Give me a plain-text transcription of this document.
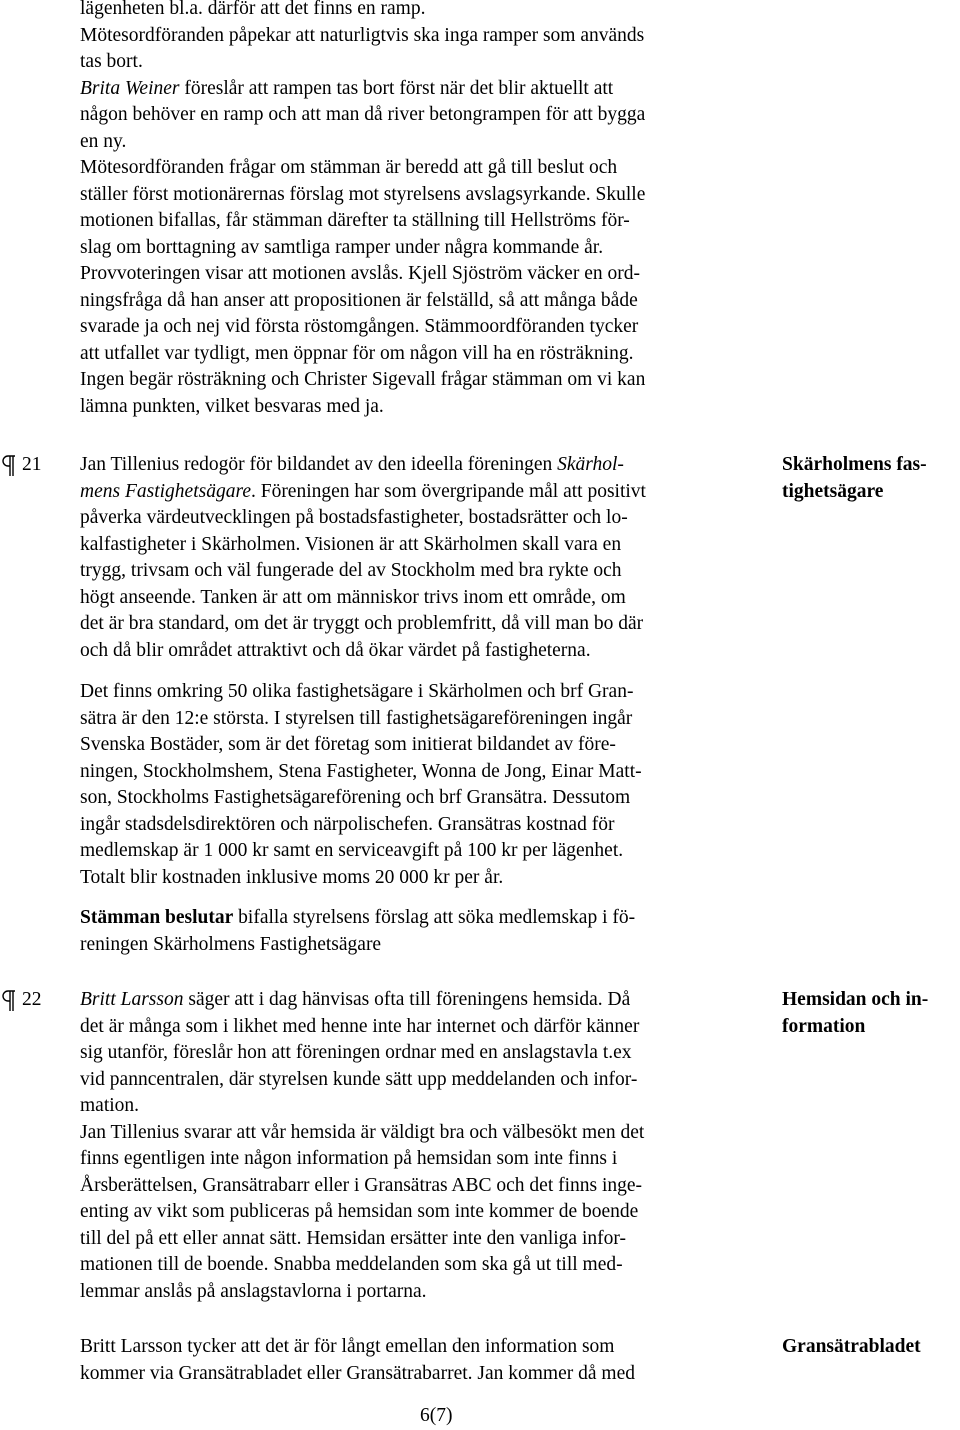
lägenheten bl.a. därför att det finns en ramp.

Mötesordföranden påpekar att naturligtvis ska inga ramper som används

tas bort.

Brita Weiner föreslår att rampen tas bort först när det blir aktuellt att

någon behöver en ramp och att man då river betongrampen för att bygga

en ny.

Mötesordföranden frågar om stämman är beredd att gå till beslut och

ställer först motionärernas förslag mot styrelsens avslagsyrkande. Skulle

motionen bifallas, får stämman därefter ta ställning till Hellströms för-

slag om borttagning av samtliga ramper under några kommande år.

Provvoteringen visar att motionen avslås. Kjell Sjöström väcker en ord-

ningsfråga då han anser att propositionen är felställd, så att många både

svarade ja och nej vid första röstomgången. Stämmoordföranden tycker

att utfallet var tydligt, men öppnar för om någon vill ha en rösträkning.

Ingen begär rösträkning och Christer Sigevall frågar stämman om vi kan

lämna punkten, vilket besvaras med ja.

21	Skärholmens fas-
tighetsägare

Jan Tillenius redogör för bildandet av den ideella föreningen Skärhol-

mens Fastighetsägare. Föreningen har som övergripande mål att positivt

påverka värdeutvecklingen på bostadsfastigheter, bostadsrätter och lo-

kalfastigheter i Skärholmen. Visionen är att Skärholmen skall vara en

trygg, trivsam och väl fungerade del av Stockholm med bra rykte och

högt anseende. Tanken är att om människor trivs inom ett område, om

det är bra standard, om det är tryggt och problemfritt, då vill man bo där

och då blir området attraktivt och då ökar värdet på fastigheterna.

Det finns omkring 50 olika fastighetsägare i Skärholmen och brf Gran-

sätra är den 12:e största. I styrelsen till fastighetsägareföreningen ingår

Svenska Bostäder, som är det företag som initierat bildandet av före-

ningen, Stockholmshem, Stena Fastigheter, Wonna de Jong, Einar Matt-

son, Stockholms Fastighetsägareförening och brf Gransätra. Dessutom

ingår stadsdelsdirektören och närpolischefen. Gransätras kostnad för

medlemskap är 1 000 kr samt en serviceavgift på 100 kr per lägenhet.

Totalt blir kostnaden inklusive moms 20 000 kr per år.

Stämman beslutar bifalla styrelsens förslag att söka medlemskap i fö-

reningen Skärholmens Fastighetsägare

22	Hemsidan och in-
formation

Britt Larsson säger att i dag hänvisas ofta till föreningens hemsida. Då

det är många som i likhet med henne inte har internet och därför känner

sig utanför, föreslår hon att föreningen ordnar med en anslagstavla t.ex

vid panncentralen, där styrelsen kunde sätt upp meddelanden och infor-

mation.

Jan Tillenius svarar att vår hemsida är väldigt bra och välbesökt men det

finns egentligen inte någon information på hemsidan som inte finns i

Årsberättelsen, Gransätrabarr eller i Gransätras ABC och det finns inge-

enting av vikt som publiceras på hemsidan som inte kommer de boende

till del på ett eller annat sätt. Hemsidan ersätter inte den vanliga infor-

mationen till de boende. Snabba meddelanden som ska gå ut till med-

lemmar anslås på anslagstavlorna i portarna.

Gransätrabladet

Britt Larsson tycker att det är för långt emellan den information som

kommer via Gransätrabladet eller Gransätrabarret. Jan kommer då med

6(7)
